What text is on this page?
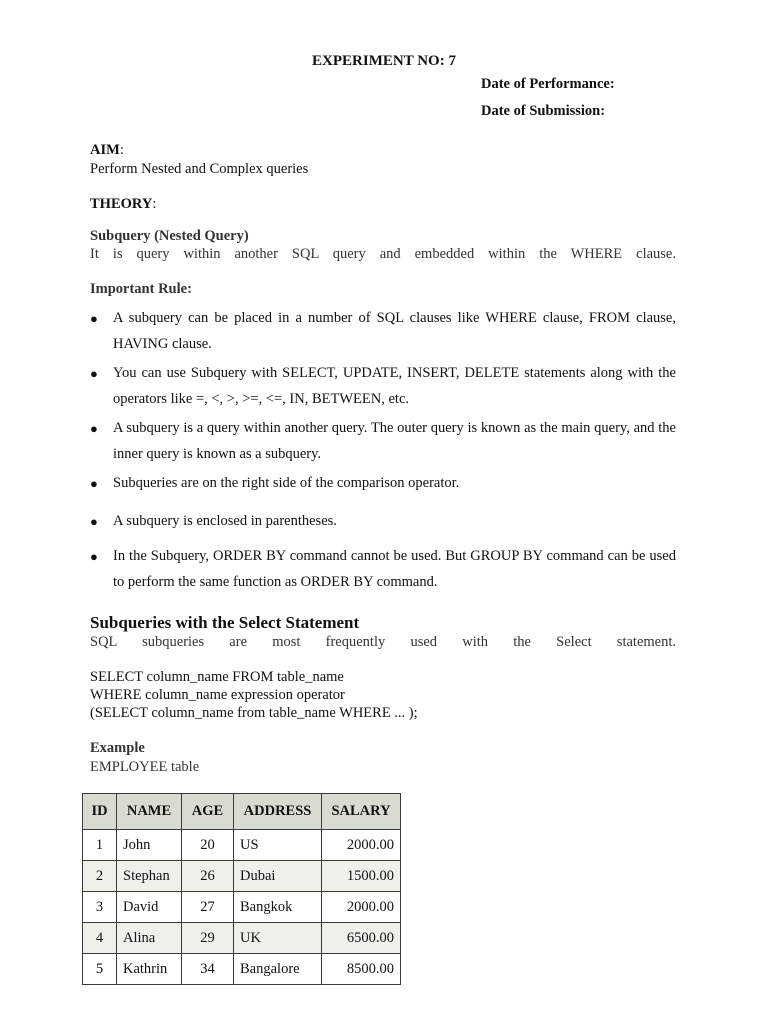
EXPERIMENT NO: 7
Date of Performance:
Date of Submission:
AIM:
Perform Nested and Complex queries
THEORY:
Subquery (Nested Query)
It is query within another SQL query and embedded within the WHERE clause.
Important Rule:
● A subquery can be placed in a number of SQL clauses like WHERE clause, FROM clause, HAVING clause.
● You can use Subquery with SELECT, UPDATE, INSERT, DELETE statements along with the operators like =, <, >, >=, <=, IN, BETWEEN, etc.
● A subquery is a query within another query. The outer query is known as the main query, and the inner query is known as a subquery.
● Subqueries are on the right side of the comparison operator.
● A subquery is enclosed in parentheses.
● In the Subquery, ORDER BY command cannot be used. But GROUP BY command can be used to perform the same function as ORDER BY command.
Subqueries with the Select Statement
SQL subqueries are most frequently used with the Select statement.
SELECT column_name FROM table_name
WHERE column_name expression operator
(SELECT column_name from table_name WHERE ... );
Example
EMPLOYEE table
ID	NAME	AGE	ADDRESS	SALARY
1	John	20	US	2000.00
2	Stephan	26	Dubai	1500.00
3	David	27	Bangkok	2000.00
4	Alina	29	UK	6500.00
5	Kathrin	34	Bangalore	8500.00
